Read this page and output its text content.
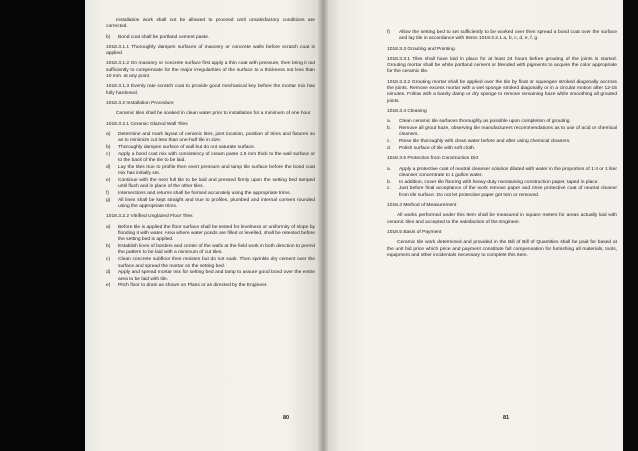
Installation work shall not be allowed to proceed until unsatisfactory conditions are corrected.

b)	Bond coat shall be portland cement paste.

1018.3.1.1 Thoroughly dampen surfaces of masonry or concrete walls before scratch coat is applied.

1018.3.1.2 On masonry or concrete surface first apply a thin coat with pressure, then bring it out sufficiently to compensate for the major irregularities of the surface to a thickness not less than 10 mm. at any point.

1018.3.1.3 Evenly rate scratch coat to provide good mechanical key before the mortar mix has fully hardened.

1018.3.2 Installation Procedure

Ceramic tiles shall be soaked in clean water prior to installation for a minimum of one hour

1018.3.2.1 Ceramic Glazed Wall Tiles

a)	Determine and mark layout of ceramic tiles, joint location, position of trims and fixtures so as to minimize cut less than one-half tile in size.
b)	Thoroughly dampen surface of wall but do not saturate surface.
c)	Apply a bond coat mix with consistency of cream paste 1.5 mm thick to the wall surface or to the back of the tile to be laid.
d)	Lay the tiles true to profile then exert pressure and tamp tile surface before the bond coat mix has initially set.
e)	Continue with the next full tile to be laid and pressed firmly upon the setting bed tamped until flush and in place of the other tiles.
f)	Intersections and returns shall be formed accurately using the appropriate trims.
g)	All lines shall be kept straight and true to profiles, plumbed and internal corners rounded using the appropriate trims.

1018.3.2.2 Vitrified Unglazed Floor Tiles

a)	Before tile is applied the floor surface shall be tested for levelness or uniformity of slope by flooding it with water. Area where water ponds are filled or levelled, shall be retested before the setting bed is applied.
b)	Establish lines of borders and center of the walls at the field work in both direction to permit the pattern to be laid with a minimum of cut tiles.
c)	Clean concrete subfloor then moisten but do not soak. Then sprinkle dry cement over the surface and spread the mortar on the setting bed.
d)	Apply and spread mortar mix for setting bed and tamp to assure good bond over the entire area to be laid with tile.
e)	Pitch floor to drain as shown on Plans or as directed by the Engineer.
80
f)	Allow the setting bed to set sufficiently to be worked over then spread a bond coat over the surface and lay tile in accordance with Items 1019.3.2.1 a, b, c, d, e, f, g.

1018.3.3 Grouting and Pointing

1018.3.3.1 Tiles shall have laid in place for at least 24 hours before grouting of the joints is started. Grouting mortar shall be white portland cement or blended with pigments to acquire the color appropriate for the ceramic tile.

1018.3.3.2 Grouting mortar shall be applied over the tile by float or squeegee stroked diagonally accross the joints. Remove excess mortar with a wet sponge stroked diagonally or in a circular motion after 12-15 minutes. Follow with a barely damp or dry sponge to remove remaining haze while smoothing all grouted joints.

1018.3.4 Cleaning

a.	Clean ceramic tile surfaces thoroughly as possible upon completion of grouting.
b.	Remove all grout haze, observing tile manufacturers recommendations as to use of acid or chemical cleaners.
c.	Rinse tile thoroughly with clean water before and after using chemical cleaners.
d.	Polish surface of tile with soft cloth.

1018.3.5 Protection from Construction Dirt

a.	Apply a protective coat of neutral cleanser solution diluted with water in the proportion of 1:4 or 1 liter cleanser concentrate to 1 gallon water.
b.	In addition, cover tile flooring with heavy-duty nonstaining construction paper, taped in place.
c.	Just before final acceptance of the work remove paper and rinse protective coat of neutral cleaner from tile surface. Do not let protective paper get torn or removed.

1018.4 Method of Measurement

All works performed under this Item shall be measured in square meters for areas actually laid with ceramic tiles and accepted to the satisfaction of the Engineer.

1018.5 Basis of Payment

Ceramic tile work determined and provided in the Bill of Bill of Quantities shall be paid for based at the unit bid price which price and payment constitute full compensation for furnishing all materials, tools, equipment and other incidentals necessary to complete this Item.

81
